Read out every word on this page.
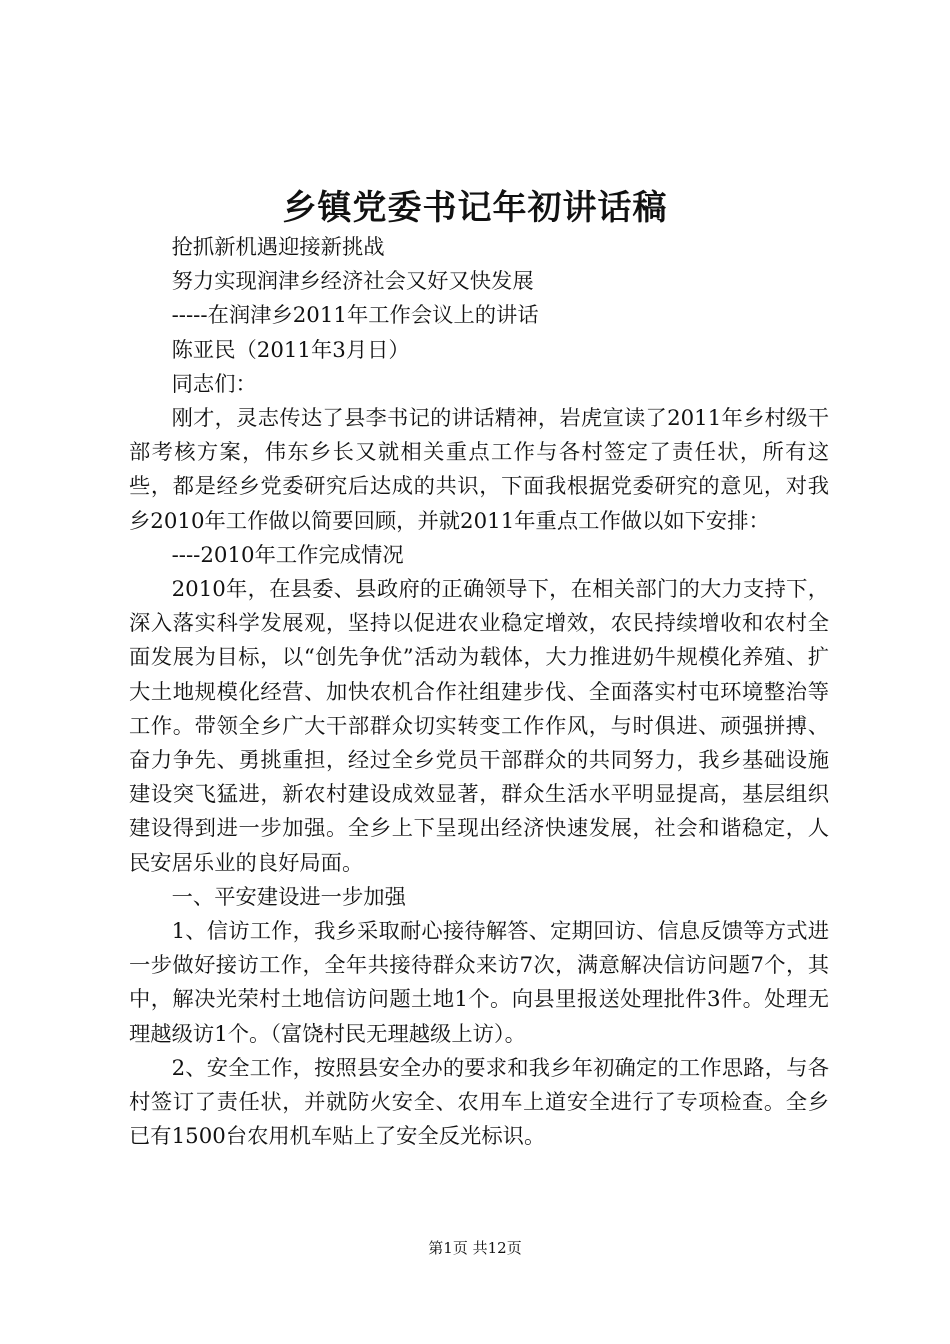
乡镇党委书记年初讲话稿

抢抓新机遇迎接新挑战

努力实现润津乡经济社会又好又快发展

-----在润津乡2011年工作会议上的讲话

陈亚民（2011年3月日）

同志们：

刚才，灵志传达了县李书记的讲话精神，岩虎宣读了2011年乡村级干部考核方案，伟东乡长又就相关重点工作与各村签定了责任状，所有这些，都是经乡党委研究后达成的共识，下面我根据党委研究的意见，对我乡2010年工作做以简要回顾，并就2011年重点工作做以如下安排：

----2010年工作完成情况

2010年，在县委、县政府的正确领导下，在相关部门的大力支持下，深入落实科学发展观，坚持以促进农业稳定增效，农民持续增收和农村全面发展为目标，以“创先争优”活动为载体，大力推进奶牛规模化养殖、扩大土地规模化经营、加快农机合作社组建步伐、全面落实村屯环境整治等工作。带领全乡广大干部群众切实转变工作作风，与时俱进、顽强拼搏、奋力争先、勇挑重担，经过全乡党员干部群众的共同努力，我乡基础设施建设突飞猛进，新农村建设成效显著，群众生活水平明显提高，基层组织建设得到进一步加强。全乡上下呈现出经济快速发展，社会和谐稳定，人民安居乐业的良好局面。

一、平安建设进一步加强

1、信访工作，我乡采取耐心接待解答、定期回访、信息反馈等方式进一步做好接访工作，全年共接待群众来访7次，满意解决信访问题7个，其中，解决光荣村土地信访问题土地1个。向县里报送处理批件3件。处理无理越级访1个。（富饶村民无理越级上访）。

2、安全工作，按照县安全办的要求和我乡年初确定的工作思路，与各村签订了责任状，并就防火安全、农用车上道安全进行了专项检查。全乡已有1500台农用机车贴上了安全反光标识。

第1页 共12页
